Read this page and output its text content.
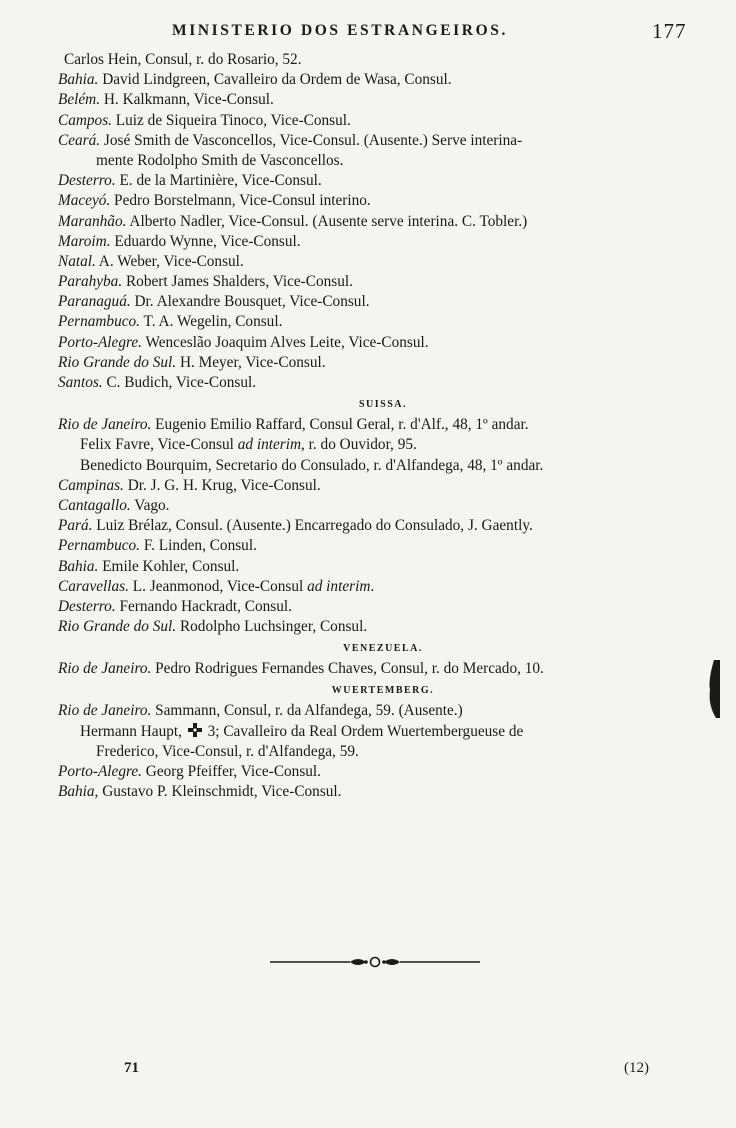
MINISTERIO DOS ESTRANGEIROS.	177
Carlos Hein, Consul, r. do Rosario, 52.
Bahia. David Lindgreen, Cavalleiro da Ordem de Wasa, Consul.
Belém. H. Kalkmann, Vice-Consul.
Campos. Luiz de Siqueira Tinoco, Vice-Consul.
Ceará. José Smith de Vasconcellos, Vice-Consul. (Ausente.) Serve interina-
mente Rodolpho Smith de Vasconcellos.
Desterro. E. de la Martinière, Vice-Consul.
Maceyó. Pedro Borstelmann, Vice-Consul interino.
Maranhão. Alberto Nadler, Vice-Consul. (Ausente serve interina. C. Tobler.)
Maroim. Eduardo Wynne, Vice-Consul.
Natal. A. Weber, Vice-Consul.
Parahyba. Robert James Shalders, Vice-Consul.
Paranaguá. Dr. Alexandre Bousquet, Vice-Consul.
Pernambuco. T. A. Wegelin, Consul.
Porto-Alegre. Wenceslão Joaquim Alves Leite, Vice-Consul.
Rio Grande do Sul. H. Meyer, Vice-Consul.
Santos. C. Budich, Vice-Consul.
SUISSA.
Rio de Janeiro. Eugenio Emilio Raffard, Consul Geral, r. d'Alf., 48, 1º andar.
Felix Favre, Vice-Consul ad interim, r. do Ouvidor, 95.
Benedicto Bourquim, Secretario do Consulado, r. d'Alfandega, 48, 1º andar.
Campinas. Dr. J. G. H. Krug, Vice-Consul.
Cantagallo. Vago.
Pará. Luiz Brélaz, Consul. (Ausente.) Encarregado do Consulado, J. Gaently.
Pernambuco. F. Linden, Consul.
Bahia. Emile Kohler, Consul.
Caravellas. L. Jeanmonod, Vice-Consul ad interim.
Desterro. Fernando Hackradt, Consul.
Rio Grande do Sul. Rodolpho Luchsinger, Consul.
VENEZUELA.
Rio de Janeiro. Pedro Rodrigues Fernandes Chaves, Consul, r. do Mercado, 10.
WUERTEMBERG.
Rio de Janeiro. Sammann, Consul, r. da Alfandega, 59. (Ausente.)
Hermann Haupt,  3; Cavalleiro da Real Ordem Wuertembergueuse de
Frederico, Vice-Consul, r. d'Alfandega, 59.
Porto-Alegre. Georg Pfeiffer, Vice-Consul.
Bahia, Gustavo P. Kleinschmidt, Vice-Consul.
71	(12)
